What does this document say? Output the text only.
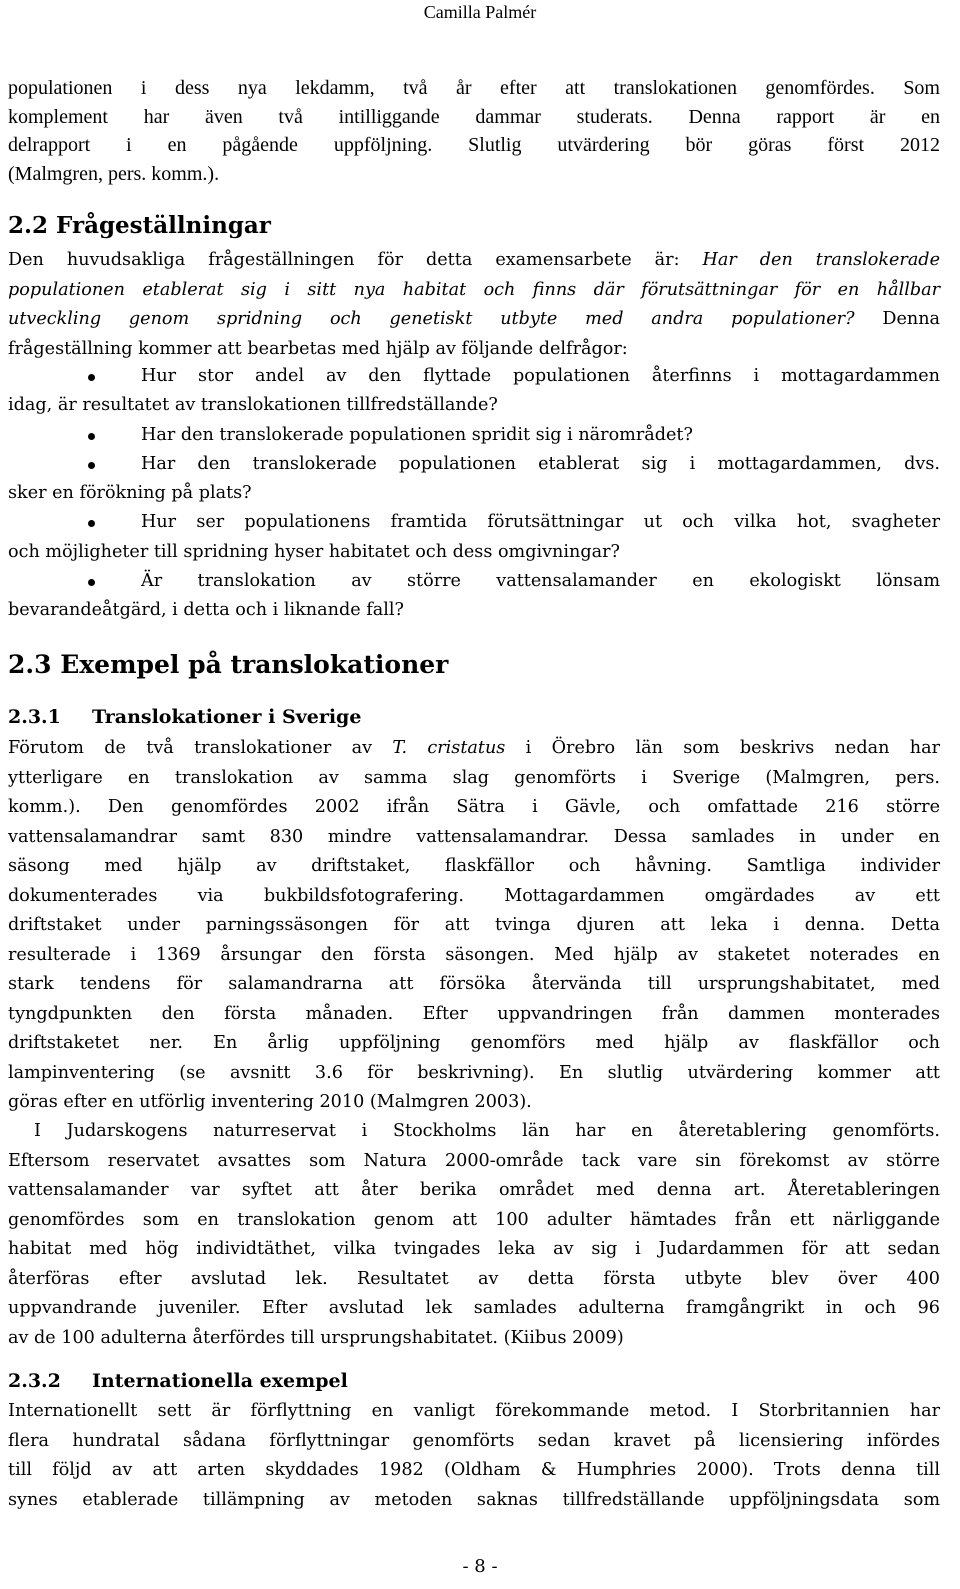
Camilla Palmér
populationen i dess nya lekdamm, två år efter att translokationen genomfördes. Som
komplement har även två intilliggande dammar studerats. Denna rapport är en
delrapport i en pågående uppföljning. Slutlig utvärdering bör göras först 2012
(Malmgren, pers. komm.).
2.2 Frågeställningar
Den huvudsakliga frågeställningen för detta examensarbete är: Har den translokerade
populationen etablerat sig i sitt nya habitat och finns där förutsättningar för en hållbar
utveckling genom spridning och genetiskt utbyte med andra populationer? Denna
frågeställning kommer att bearbetas med hjälp av följande delfrågor:
Hur stor andel av den flyttade populationen återfinns i mottagardammen
idag, är resultatet av translokationen tillfredställande?
Har den translokerade populationen spridit sig i närområdet?
Har den translokerade populationen etablerat sig i mottagardammen, dvs.
sker en förökning på plats?
Hur ser populationens framtida förutsättningar ut och vilka hot, svagheter
och möjligheter till spridning hyser habitatet och dess omgivningar?
Är translokation av större vattensalamander en ekologiskt lönsam
bevarandeåtgärd, i detta och i liknande fall?
2.3 Exempel på translokationer
2.3.1 Translokationer i Sverige
Förutom de två translokationer av T. cristatus i Örebro län som beskrivs nedan har
ytterligare en translokation av samma slag genomförts i Sverige (Malmgren, pers.
komm.). Den genomfördes 2002 ifrån Sätra i Gävle, och omfattade 216 större
vattensalamandrar samt 830 mindre vattensalamandrar. Dessa samlades in under en
säsong med hjälp av driftstaket, flaskfällor och håvning. Samtliga individer
dokumenterades via bukbildsfotografering. Mottagardammen omgärdades av ett
driftstaket under parningssäsongen för att tvinga djuren att leka i denna. Detta
resulterade i 1369 årsungar den första säsongen. Med hjälp av staketet noterades en
stark tendens för salamandrarna att försöka återvända till ursprungshabitatet, med
tyngdpunkten den första månaden. Efter uppvandringen från dammen monterades
driftstaketet ner. En årlig uppföljning genomförs med hjälp av flaskfällor och
lampinventering (se avsnitt 3.6 för beskrivning). En slutlig utvärdering kommer att
göras efter en utförlig inventering 2010 (Malmgren 2003).
I Judarskogens naturreservat i Stockholms län har en återetablering genomförts.
Eftersom reservatet avsattes som Natura 2000-område tack vare sin förekomst av större
vattensalamander var syftet att åter berika området med denna art. Återetableringen
genomfördes som en translokation genom att 100 adulter hämtades från ett närliggande
habitat med hög individtäthet, vilka tvingades leka av sig i Judardammen för att sedan
återföras efter avslutad lek. Resultatet av detta första utbyte blev över 400
uppvandrande juveniler. Efter avslutad lek samlades adulterna framgångrikt in och 96
av de 100 adulterna återfördes till ursprungshabitatet. (Kiibus 2009)
2.3.2 Internationella exempel
Internationellt sett är förflyttning en vanligt förekommande metod. I Storbritannien har
flera hundratal sådana förflyttningar genomförts sedan kravet på licensiering infördes
till följd av att arten skyddades 1982 (Oldham & Humphries 2000). Trots denna till
synes etablerade tillämpning av metoden saknas tillfredställande uppföljningsdata som
- 8 -
